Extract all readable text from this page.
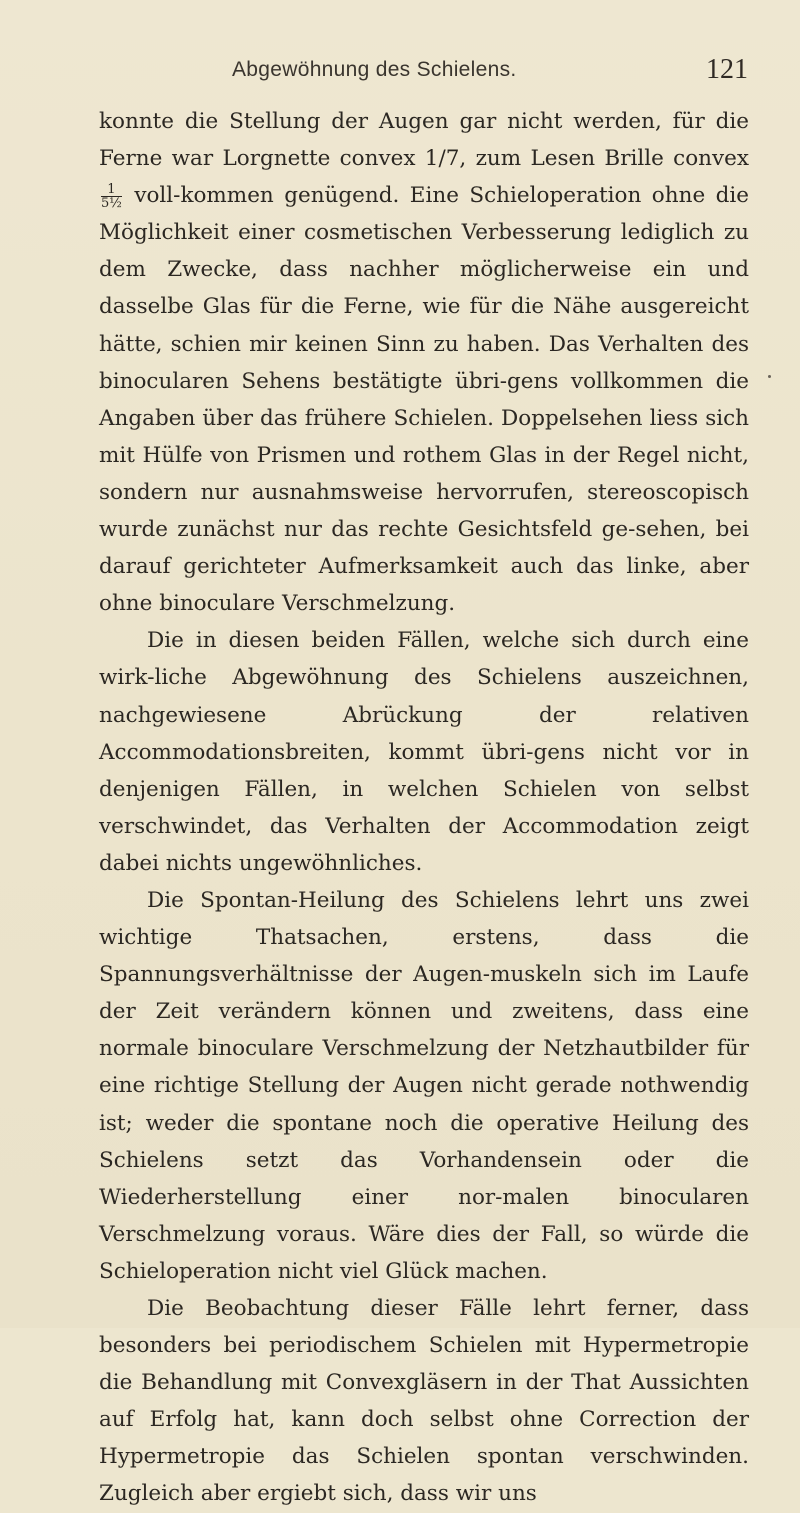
Abgewöhnung des Schielens.	121

konnte die Stellung der Augen gar nicht werden, für die Ferne war Lorgnette convex 1/7, zum Lesen Brille convex
$\frac{1}{\text{5½}}$ voll-kommen genügend. Eine Schieloperation ohne die Möglichkeit einer cosmetischen Verbesserung lediglich zu dem Zwecke, dass nachher möglicherweise ein und dasselbe Glas für die Ferne, wie für die Nähe ausgereicht hätte, schien mir keinen Sinn zu haben. Das Verhalten des binocularen Sehens bestätigte übri-gens vollkommen die Angaben über das frühere Schielen. Doppelsehen liess sich mit Hülfe von Prismen und rothem Glas in der Regel nicht, sondern nur ausnahmsweise hervorrufen, stereoscopisch wurde zunächst nur das rechte Gesichtsfeld ge-sehen, bei darauf gerichteter Aufmerksamkeit auch das linke, aber ohne binoculare Verschmelzung.

Die in diesen beiden Fällen, welche sich durch eine wirk-liche Abgewöhnung des Schielens auszeichnen, nachgewiesene Abrückung der relativen Accommodationsbreiten, kommt übri-gens nicht vor in denjenigen Fällen, in welchen Schielen von selbst verschwindet, das Verhalten der Accommodation zeigt dabei nichts ungewöhnliches.

Die Spontan-Heilung des Schielens lehrt uns zwei wichtige Thatsachen, erstens, dass die Spannungsverhältnisse der Augen-muskeln sich im Laufe der Zeit verändern können und zweitens, dass eine normale binoculare Verschmelzung der Netzhautbilder für eine richtige Stellung der Augen nicht gerade nothwendig ist; weder die spontane noch die operative Heilung des Schielens setzt das Vorhandensein oder die Wiederherstellung einer nor-malen binocularen Verschmelzung voraus. Wäre dies der Fall, so würde die Schieloperation nicht viel Glück machen.

Die Beobachtung dieser Fälle lehrt ferner, dass besonders bei periodischem Schielen mit Hypermetropie die Behandlung mit Convexgläsern in der That Aussichten auf Erfolg hat, kann doch selbst ohne Correction der Hypermetropie das Schielen spontan verschwinden. Zugleich aber ergiebt sich, dass wir uns
